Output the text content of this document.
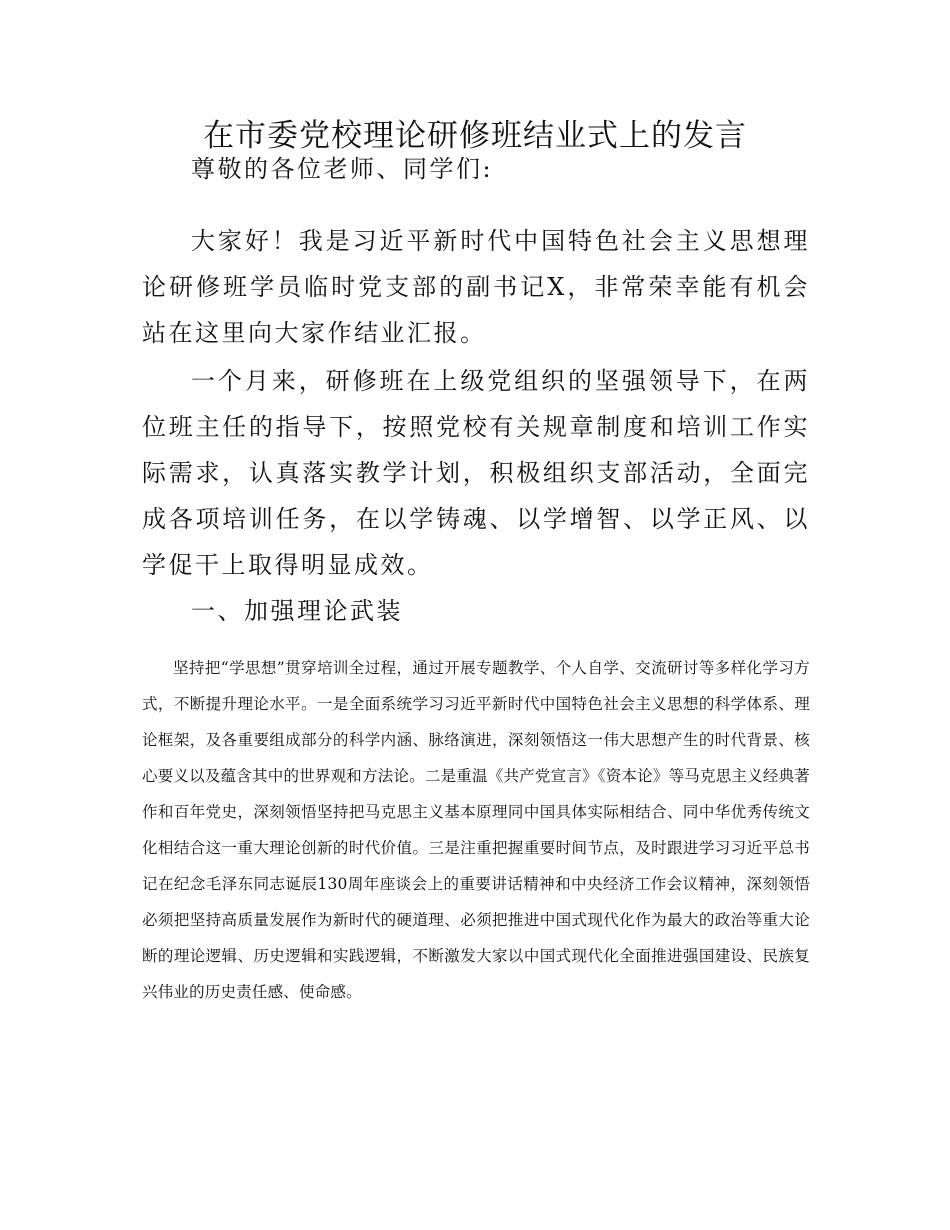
在市委党校理论研修班结业式上的发言

尊敬的各位老师、同学们:

大家好！我是习近平新时代中国特色社会主义思想理论研修班学员临时党支部的副书记X，非常荣幸能有机会站在这里向大家作结业汇报。

一个月来，研修班在上级党组织的坚强领导下，在两位班主任的指导下，按照党校有关规章制度和培训工作实际需求，认真落实教学计划，积极组织支部活动，全面完成各项培训任务，在以学铸魂、以学增智、以学正风、以学促干上取得明显成效。

一、加强理论武装

坚持把“学思想”贯穿培训全过程，通过开展专题教学、个人自学、交流研讨等多样化学习方式，不断提升理论水平。一是全面系统学习习近平新时代中国特色社会主义思想的科学体系、理论框架，及各重要组成部分的科学内涵、脉络演进，深刻领悟这一伟大思想产生的时代背景、核心要义以及蕴含其中的世界观和方法论。二是重温《共产党宣言》《资本论》等马克思主义经典著作和百年党史，深刻领悟坚持把马克思主义基本原理同中国具体实际相结合、同中华优秀传统文化相结合这一重大理论创新的时代价值。三是注重把握重要时间节点，及时跟进学习习近平总书记在纪念毛泽东同志诞辰130周年座谈会上的重要讲话精神和中央经济工作会议精神，深刻领悟必须把坚持高质量发展作为新时代的硬道理、必须把推进中国式现代化作为最大的政治等重大论断的理论逻辑、历史逻辑和实践逻辑，不断激发大家以中国式现代化全面推进强国建设、民族复兴伟业的历史责任感、使命感。
